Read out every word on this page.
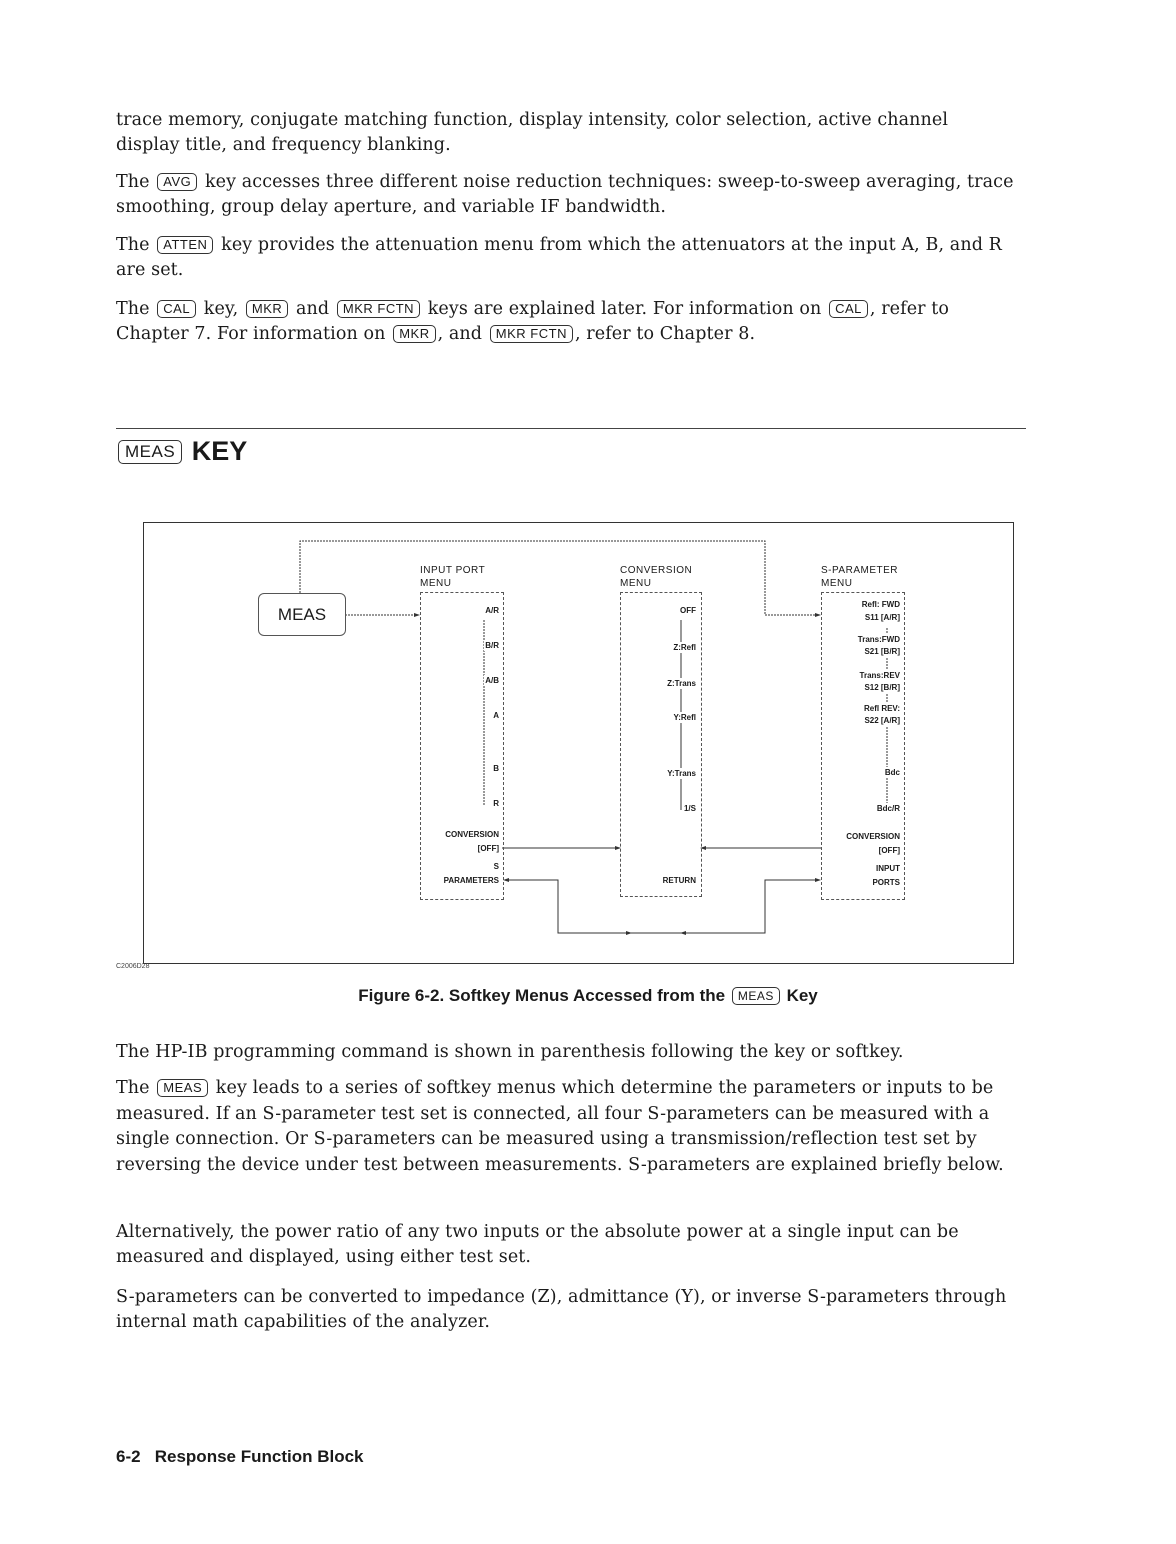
trace memory, conjugate matching function, display intensity, color selection, active channel display title, and frequency blanking.
The AVG key accesses three different noise reduction techniques: sweep-to-sweep averaging, trace smoothing, group delay aperture, and variable IF bandwidth.
The ATTEN key provides the attenuation menu from which the attenuators at the input A, B, and R are set.
The CAL key, MKR and MKR FCTN keys are explained later. For information on CAL , refer to Chapter 7. For information on MKR , and MKR FCTN , refer to Chapter 8.
MEAS KEY
MEAS
INPUT PORT
MENU
A/R
B/R
A/B
A
B
R
CONVERSION
[OFF]
S
PARAMETERS
CONVERSION
MENU
OFF
Z:Refl
Z:Trans
Y:Refl
Y:Trans
1/S
RETURN
S-PARAMETER
MENU
Refl: FWD
S11 [A/R]
Trans:FWD
S21 [B/R]
Trans:REV
S12 [B/R]
Refl REV:
S22 [A/R]
Bdc
Bdc/R
CONVERSION
[OFF]
INPUT
PORTS
C2006D28
Figure 6-2. Softkey Menus Accessed from the MEAS Key
The HP-IB programming command is shown in parenthesis following the key or softkey.
The MEAS key leads to a series of softkey menus which determine the parameters or inputs to be measured. If an S-parameter test set is connected, all four S-parameters can be measured with a single connection. Or S-parameters can be measured using a transmission/reflection test set by reversing the device under test between measurements. S-parameters are explained briefly below.
Alternatively, the power ratio of any two inputs or the absolute power at a single input can be measured and displayed, using either test set.
S-parameters can be converted to impedance (Z), admittance (Y), or inverse S-parameters through internal math capabilities of the analyzer.
6-2   Response Function Block
